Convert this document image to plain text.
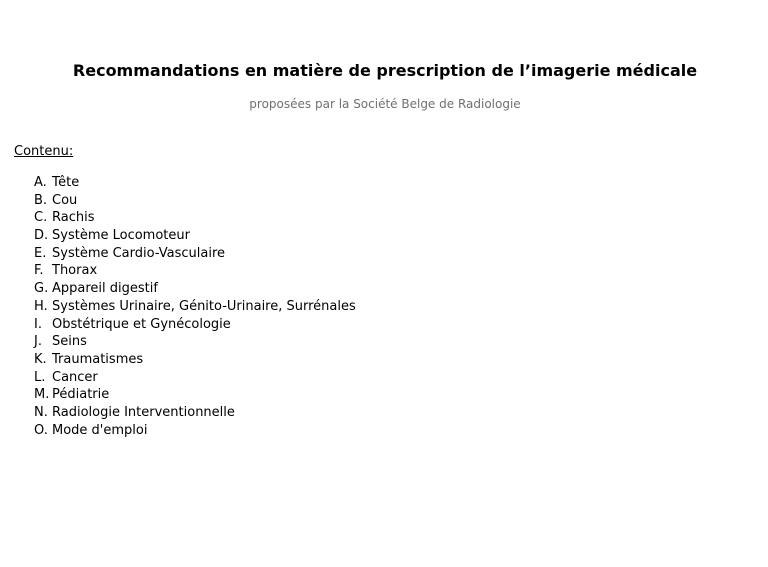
Recommandations en matière de prescription de l’imagerie médicale

proposées par la Société Belge de Radiologie

Contenu:

A. Tête
B. Cou
C. Rachis
D. Système Locomoteur
E. Système Cardio-Vasculaire
F. Thorax
G. Appareil digestif
H. Systèmes Urinaire, Génito-Urinaire, Surrénales
I. Obstétrique et Gynécologie
J. Seins
K. Traumatismes
L. Cancer
M. Pédiatrie
N. Radiologie Interventionnelle
O. Mode d'emploi
